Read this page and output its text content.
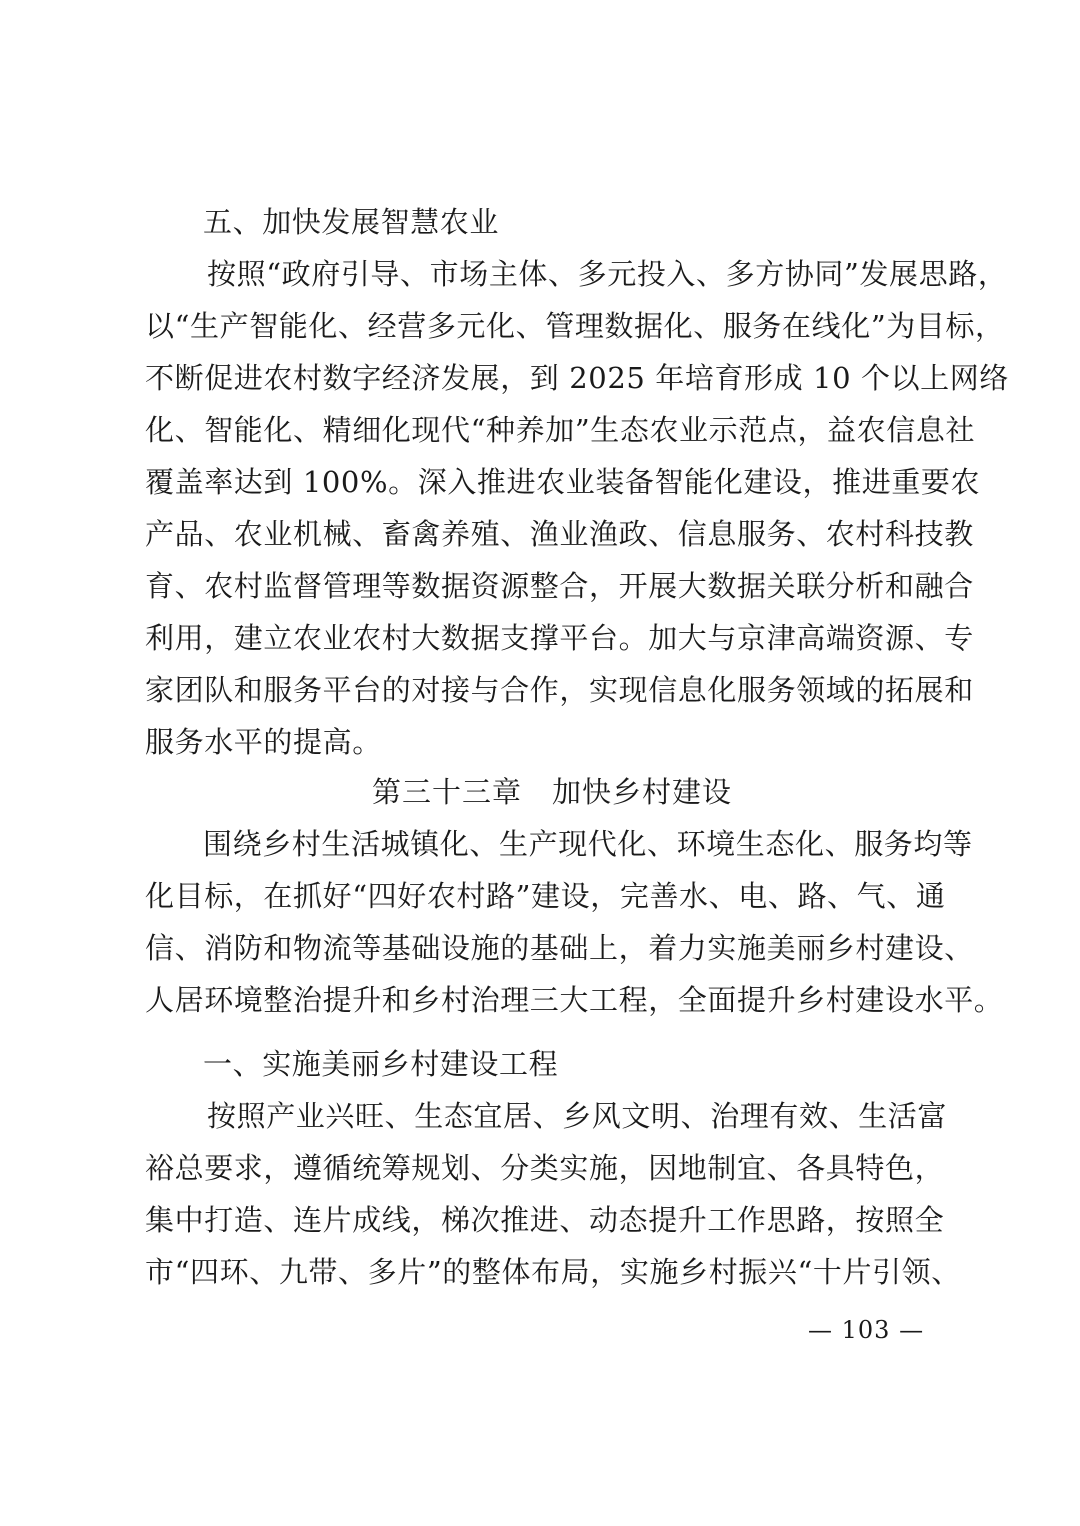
五、加快发展智慧农业
按照“政府引导、市场主体、多元投入、多方协同”发展思路，
以“生产智能化、经营多元化、管理数据化、服务在线化”为目标，
不断促进农村数字经济发展，到 2025 年培育形成 10 个以上网络
化、智能化、精细化现代“种养加”生态农业示范点，益农信息社
覆盖率达到 100%。深入推进农业装备智能化建设，推进重要农
产品、农业机械、畜禽养殖、渔业渔政、信息服务、农村科技教
育、农村监督管理等数据资源整合，开展大数据关联分析和融合
利用，建立农业农村大数据支撑平台。加大与京津高端资源、专
家团队和服务平台的对接与合作，实现信息化服务领域的拓展和
服务水平的提高。
第三十三章 加快乡村建设
围绕乡村生活城镇化、生产现代化、环境生态化、服务均等
化目标，在抓好“四好农村路”建设，完善水、电、路、气、通
信、消防和物流等基础设施的基础上，着力实施美丽乡村建设、
人居环境整治提升和乡村治理三大工程，全面提升乡村建设水平。
一、实施美丽乡村建设工程
按照产业兴旺、生态宜居、乡风文明、治理有效、生活富
裕总要求，遵循统筹规划、分类实施，因地制宜、各具特色，
集中打造、连片成线，梯次推进、动态提升工作思路，按照全
市“四环、九带、多片”的整体布局，实施乡村振兴“十片引领、
— 103 —
